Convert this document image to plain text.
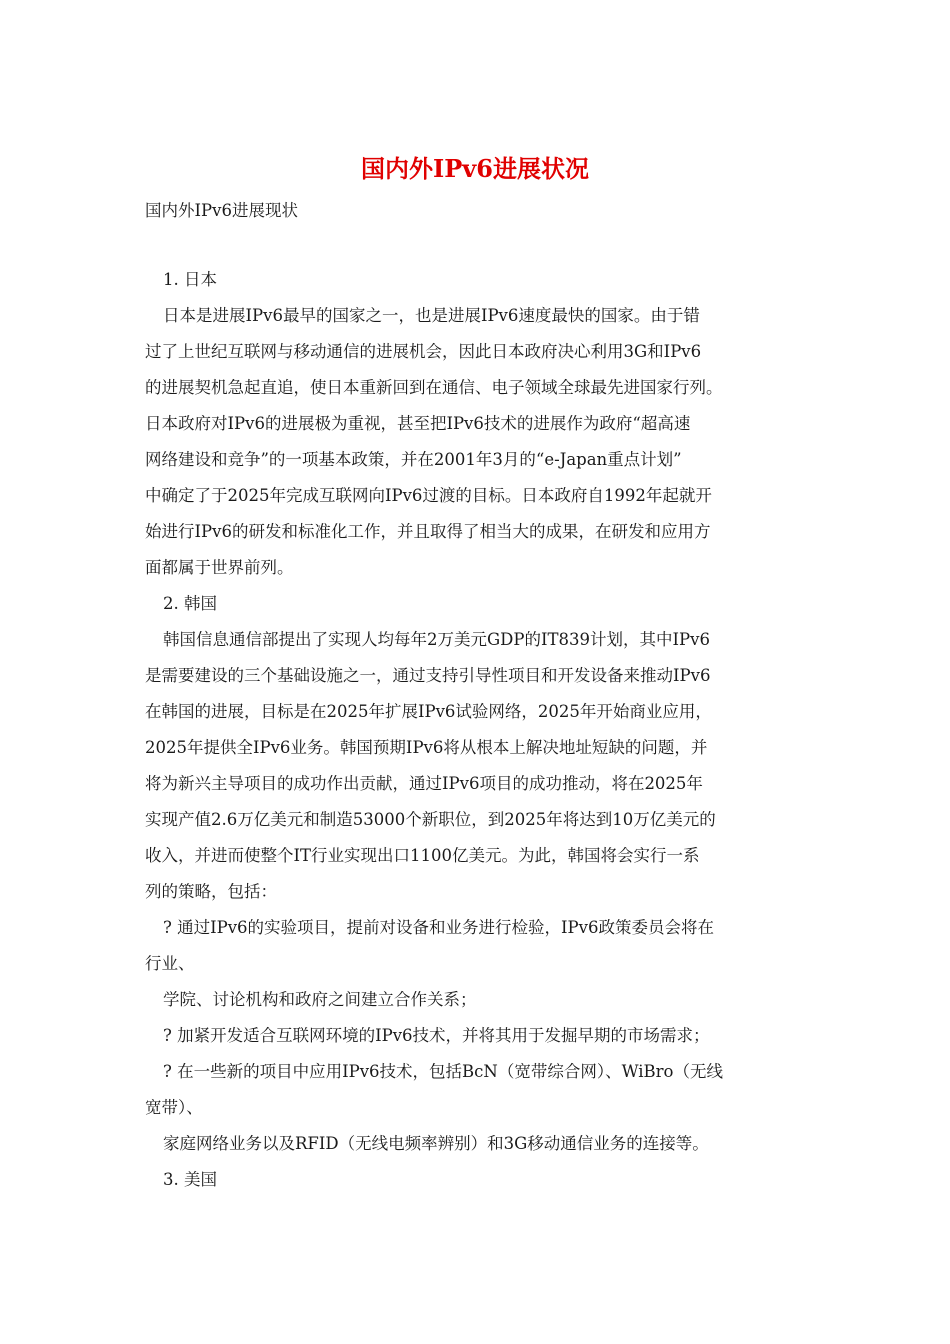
国内外IPv6进展状况
国内外IPv6进展现状
1. 日本
日本是进展IPv6最早的国家之一，也是进展IPv6速度最快的国家。由于错
过了上世纪互联网与移动通信的进展机会，因此日本政府决心利用3G和IPv6
的进展契机急起直追，使日本重新回到在通信、电子领域全球最先进国家行列。
日本政府对IPv6的进展极为重视，甚至把IPv6技术的进展作为政府“超高速
网络建设和竞争”的一项基本政策，并在2001年3月的“e-Japan重点计划”
中确定了于2025年完成互联网向IPv6过渡的目标。日本政府自1992年起就开
始进行IPv6的研发和标准化工作，并且取得了相当大的成果，在研发和应用方
面都属于世界前列。
2. 韩国
韩国信息通信部提出了实现人均每年2万美元GDP的IT839计划，其中IPv6
是需要建设的三个基础设施之一，通过支持引导性项目和开发设备来推动IPv6
在韩国的进展，目标是在2025年扩展IPv6试验网络，2025年开始商业应用，
2025年提供全IPv6业务。韩国预期IPv6将从根本上解决地址短缺的问题，并
将为新兴主导项目的成功作出贡献，通过IPv6项目的成功推动，将在2025年
实现产值2.6万亿美元和制造53000个新职位，到2025年将达到10万亿美元的
收入，并进而使整个IT行业实现出口1100亿美元。为此，韩国将会实行一系
列的策略，包括：
? 通过IPv6的实验项目，提前对设备和业务进行检验，IPv6政策委员会将在
行业、
学院、讨论机构和政府之间建立合作关系；
? 加紧开发适合互联网环境的IPv6技术，并将其用于发掘早期的市场需求；
? 在一些新的项目中应用IPv6技术，包括BcN（宽带综合网）、WiBro（无线
宽带）、
家庭网络业务以及RFID（无线电频率辨别）和3G移动通信业务的连接等。
3. 美国
